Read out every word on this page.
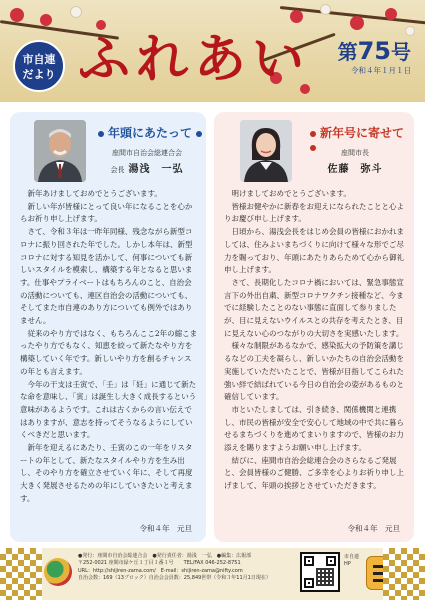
市自連
だより ふれあい 第75号
令和４年１月１日
年頭にあたって
座間市自治会総連合会
会長 湯浅　一弘

新年あけましておめでとうございます。

新しい年が皆様にとって良い年になることを心からお祈り申し上げます。

さて、令和３年は一昨年同様、残念ながら新型コロナに振り回された年でした。しかし本年は、新型コロナに対する知見を活かして、何事についても新しいスタイルを模索し、構築する年となると思います。仕事やプライベートはもちろんのこと、自治会の活動についても、連区自治会の活動についても、そしてまた市自連のあり方についても例外ではありません。

従来のやり方ではなく、もちろんここ2年の縮こまったやり方でもなく、知恵を絞って新たなやり方を構築していく年です。新しいやり方を創るチャンスの年とも言えます。

今年の干支は壬寅で、「壬」は「妊」に通じて新たな命を意味し、「寅」は誕生し大きく成長するという意味があるようです。これは古くからの言い伝えではありますが、意志を持ってそうなるようにしていくべきだと思います。

新年を迎えるにあたり、壬寅のこの一年をリスタートの年として、新たなスタイルやり方を生み出し、そのやり方を確立させていく年に、そして再度大きく発展させるための年にしていきたいと考えます。

令和４年　元旦
新年号に寄せて
座間市長
佐藤　弥斗

明けましておめでとうございます。

皆様お健やかに新春をお迎えになられたことと心よりお慶び申し上げます。

日頃から、湯浅会長をはじめ会員の皆様におかれましては、住みよいまちづくりに向けて様々な形でご尽力を賜っており、年頭にあたりあらためて心から御礼申し上げます。

さて、長期化したコロナ禍においては、緊急事態宣言下の外出自粛、新型コロナワクチン接種など、今までに経験したことのない事態に直面して参りましたが、目に見えないウイルスとの共存を考えたとき、目に見えない心のつながりの大切さを実感いたします。

様々な制限があるなかで、感染拡大の予防策を講じるなどの工夫を凝らし、新しいかたちの自治会活動を実施していただいたことで、皆様が目指してこられた強い絆で結ばれている今日の自治会の姿があるものと確信しています。

市といたしましては、引き続き、関係機関と連携し、市民の皆様が安全で安心して地域の中で共に暮らせるまちづくりを進めてまいりますので、皆様のお力添えを賜りますようお願い申し上げます。

結びに、座間市自治会総連合会のさらなるご発展と、会員皆様のご健勝、ご多幸を心よりお祈り申し上げまして、年頭の挨拶とさせていただきます。

令和４年　元旦
●発行：座間市自治会総連合会　●発行責任者：湯浅　一弘　●編集：広報部
〒252-0021 座間市緑ケ丘１丁目１番１号　　TEL/FAX 046-252-8751
URL：http://shijiren-zama.com/　E-mail：shijiren-zama@nifty.com
自治会数：169（13ブロック）自治会会員数：25,849世帯（令和３年11月1日現在）
市自連HP
